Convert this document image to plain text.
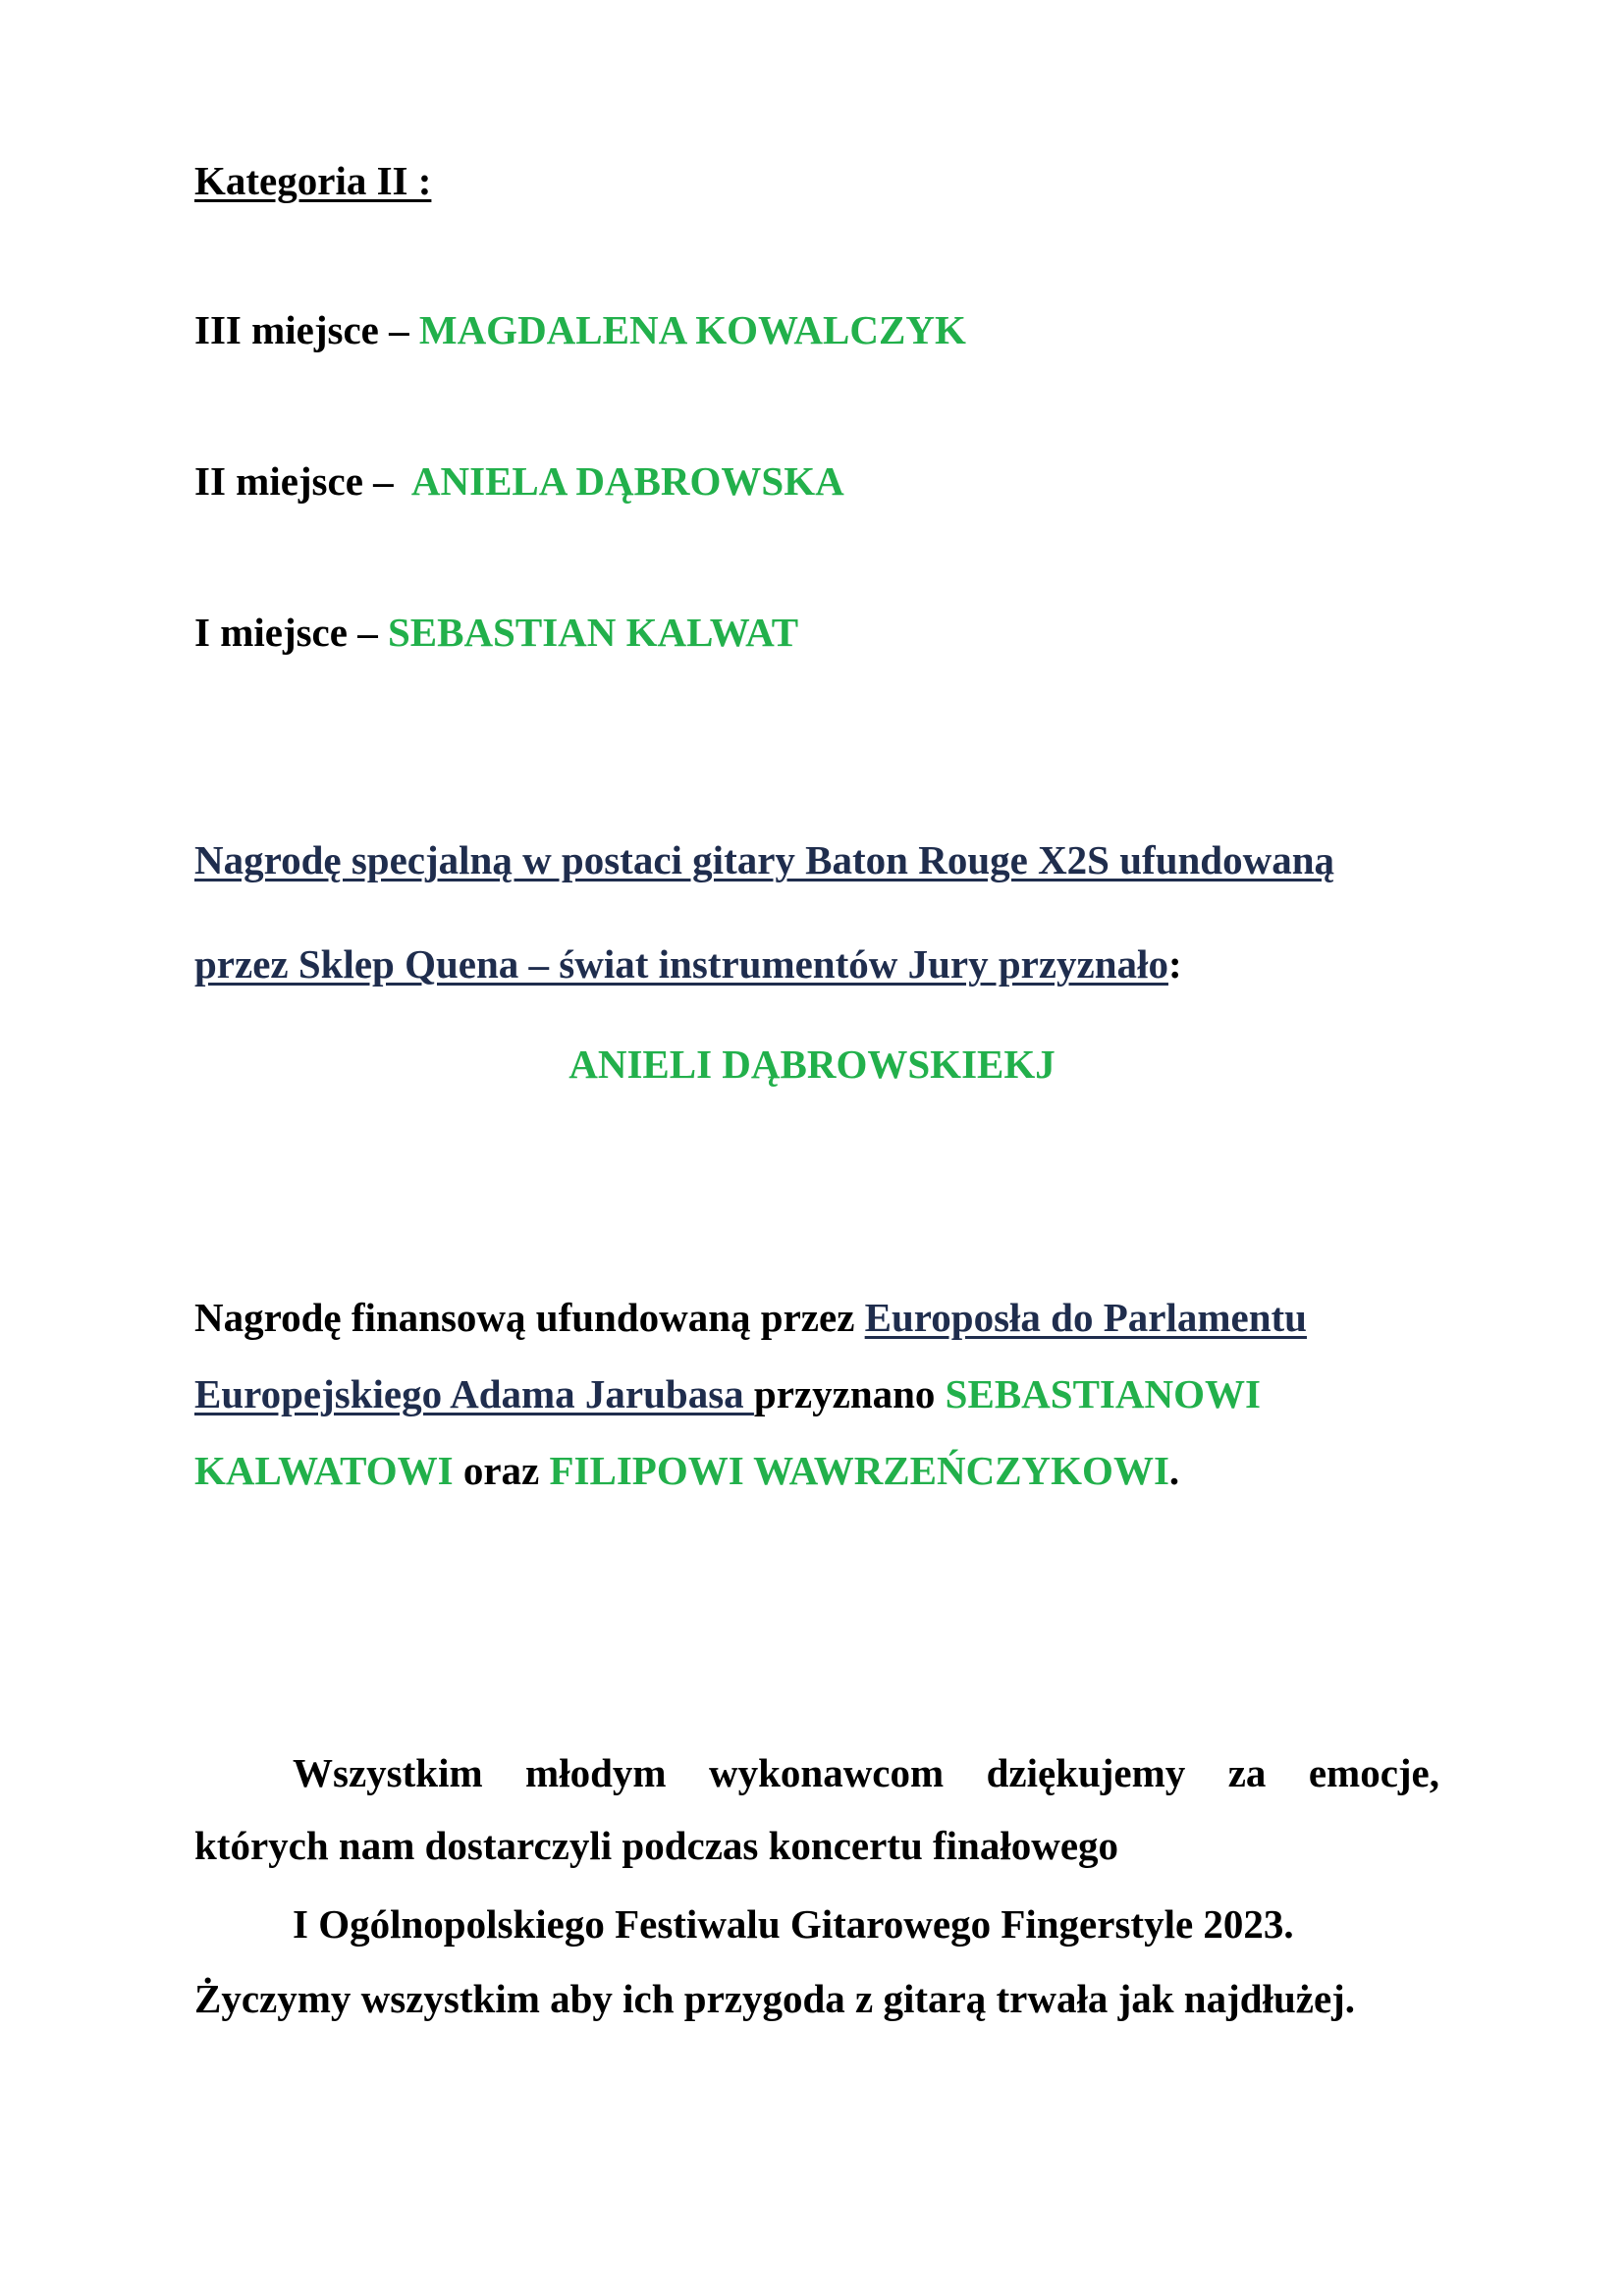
Kategoria II :
III miejsce – MAGDALENA KOWALCZYK
II miejsce –  ANIELA DĄBROWSKA
I miejsce – SEBASTIAN KALWAT
Nagrodę specjalną w postaci gitary Baton Rouge X2S ufundowaną
przez Sklep Quena – świat instrumentów Jury przyznało:
ANIELI DĄBROWSKIEKJ
Nagrodę finansową ufundowaną przez Europosła do Parlamentu
Europejskiego Adama Jarubasa przyznano SEBASTIANOWI
KALWATOWI oraz FILIPOWI WAWRZEŃCZYKOWI.
Wszystkim młodym wykonawcom dziękujemy za emocje,
których nam dostarczyli podczas koncertu finałowego
I Ogólnopolskiego Festiwalu Gitarowego Fingerstyle 2023.
Życzymy wszystkim aby ich przygoda z gitarą trwała jak najdłużej.
